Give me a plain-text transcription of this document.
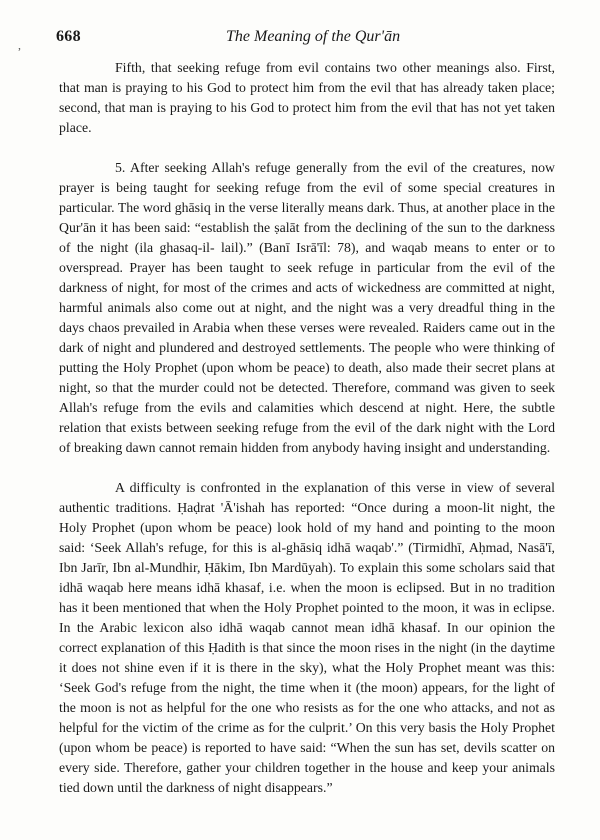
, 668	The Meaning of the Qur'ān

Fifth, that seeking refuge from evil contains two other meanings also. First, that man is praying to his God to protect him from the evil that has already taken place; second, that man is praying to his God to protect him from the evil that has not yet taken place.

5. After seeking Allah's refuge generally from the evil of the creatures, now prayer is being taught for seeking refuge from the evil of some special creatures in particular. The word ghāsiq in the verse literally means dark. Thus, at another place in the Qur'ān it has been said: “establish the ṣalāt from the declining of the sun to the darkness of the night (ila ghasaq-il- lail).” (Banī Isrā'īl: 78), and waqab means to enter or to overspread. Prayer has been taught to seek refuge in particular from the evil of the darkness of night, for most of the crimes and acts of wickedness are committed at night, harmful animals also come out at night, and the night was a very dreadful thing in the days chaos prevailed in Arabia when these verses were revealed. Raiders came out in the dark of night and plundered and destroyed settlements. The people who were thinking of putting the Holy Prophet (upon whom be peace) to death, also made their secret plans at night, so that the murder could not be detected. Therefore, command was given to seek Allah's refuge from the evils and calamities which descend at night. Here, the subtle relation that exists between seeking refuge from the evil of the dark night with the Lord of breaking dawn cannot remain hidden from anybody having insight and understanding.

A difficulty is confronted in the explanation of this verse in view of several authentic traditions. Ḥaḍrat 'Ā'ishah has reported: “Once during a moon-lit night, the Holy Prophet (upon whom be peace) look hold of my hand and pointing to the moon said: ‘Seek Allah's refuge, for this is al-ghāsiq idhā waqab'.” (Tirmidhī, Aḥmad, Nasā'ī, Ibn Jarīr, Ibn al-Mundhir, Ḥākim, Ibn Mardūyah). To explain this some scholars said that idhā waqab here means idhā khasaf, i.e. when the moon is eclipsed. But in no tradition has it been mentioned that when the Holy Prophet pointed to the moon, it was in eclipse. In the Arabic lexicon also idhā waqab cannot mean idhā khasaf. In our opinion the correct explanation of this Ḥadith is that since the moon rises in the night (in the daytime it does not shine even if it is there in the sky), what the Holy Prophet meant was this: ‘Seek God's refuge from the night, the time when it (the moon) appears, for the light of the moon is not as helpful for the one who resists as for the one who attacks, and not as helpful for the victim of the crime as for the culprit.’ On this very basis the Holy Prophet (upon whom be peace) is reported to have said: “When the sun has set, devils scatter on every side. Therefore, gather your children together in the house and keep your animals tied down until the darkness of night disappears.”
